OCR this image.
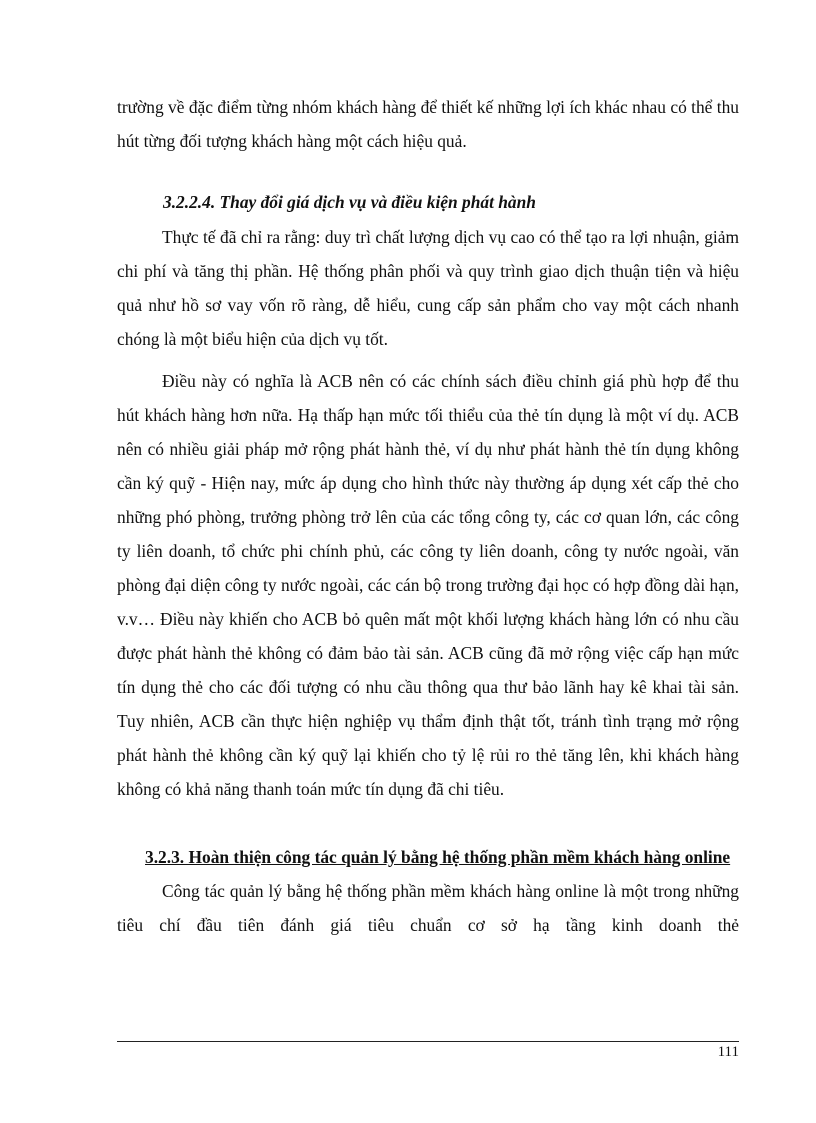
trường về đặc điểm từng nhóm khách hàng để thiết kế những lợi ích khác nhau có thể thu hút từng đối tượng khách hàng một cách hiệu quả.

3.2.2.4. Thay đổi giá dịch vụ và điều kiện phát hành

Thực tế đã chỉ ra rằng: duy trì chất lượng dịch vụ cao có thể tạo ra lợi nhuận, giảm chi phí và tăng thị phần. Hệ thống phân phối và quy trình giao dịch thuận tiện và hiệu quả như hồ sơ vay vốn rõ ràng, dễ hiểu, cung cấp sản phẩm cho vay một cách nhanh chóng là một biểu hiện của dịch vụ tốt.

Điều này có nghĩa là ACB nên có các chính sách điều chỉnh giá phù hợp để thu hút khách hàng hơn nữa. Hạ thấp hạn mức tối thiểu của thẻ tín dụng là một ví dụ. ACB nên có nhiều giải pháp mở rộng phát hành thẻ, ví dụ như phát hành thẻ tín dụng không cần ký quỹ - Hiện nay, mức áp dụng cho hình thức này thường áp dụng xét cấp thẻ cho những phó phòng, trưởng phòng trở lên của các tổng công ty, các cơ quan lớn, các công ty liên doanh, tổ chức phi chính phủ, các công ty liên doanh, công ty nước ngoài, văn phòng đại diện công ty nước ngoài, các cán bộ trong trường đại học có hợp đồng dài hạn, v.v… Điều này khiến cho ACB bỏ quên mất một khối lượng khách hàng lớn có nhu cầu được phát hành thẻ không có đảm bảo tài sản. ACB cũng đã mở rộng việc cấp hạn mức tín dụng thẻ cho các đối tượng có nhu cầu thông qua thư bảo lãnh hay kê khai tài sản. Tuy nhiên, ACB cần thực hiện nghiệp vụ thẩm định thật tốt, tránh tình trạng mở rộng phát hành thẻ không cần ký quỹ lại khiến cho tỷ lệ rủi ro thẻ tăng lên, khi khách hàng không có khả năng thanh toán mức tín dụng đã chi tiêu.

3.2.3. Hoàn thiện công tác quản lý bằng hệ thống phần mềm khách hàng online

Công tác quản lý bằng hệ thống phần mềm khách hàng online là một trong những tiêu chí đầu tiên đánh giá tiêu chuẩn cơ sở hạ tầng kinh doanh thẻ

111
